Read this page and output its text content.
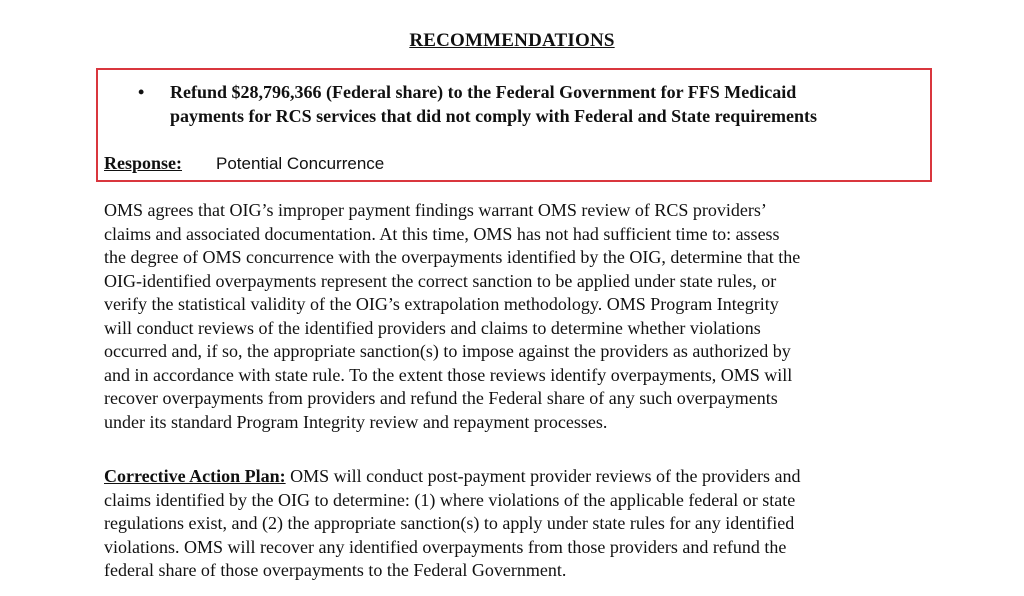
RECOMMENDATIONS
•	Refund $28,796,366 (Federal share) to the Federal Government for FFS Medicaid
payments for RCS services that did not comply with Federal and State requirements
Response: Potential Concurrence
OMS agrees that OIG’s improper payment findings warrant OMS review of RCS providers’
claims and associated documentation. At this time, OMS has not had sufficient time to: assess
the degree of OMS concurrence with the overpayments identified by the OIG, determine that the
OIG-identified overpayments represent the correct sanction to be applied under state rules, or
verify the statistical validity of the OIG’s extrapolation methodology. OMS Program Integrity
will conduct reviews of the identified providers and claims to determine whether violations
occurred and, if so, the appropriate sanction(s) to impose against the providers as authorized by
and in accordance with state rule. To the extent those reviews identify overpayments, OMS will
recover overpayments from providers and refund the Federal share of any such overpayments
under its standard Program Integrity review and repayment processes.
Corrective Action Plan: OMS will conduct post-payment provider reviews of the providers and
claims identified by the OIG to determine: (1) where violations of the applicable federal or state
regulations exist, and (2) the appropriate sanction(s) to apply under state rules for any identified
violations. OMS will recover any identified overpayments from those providers and refund the
federal share of those overpayments to the Federal Government.
